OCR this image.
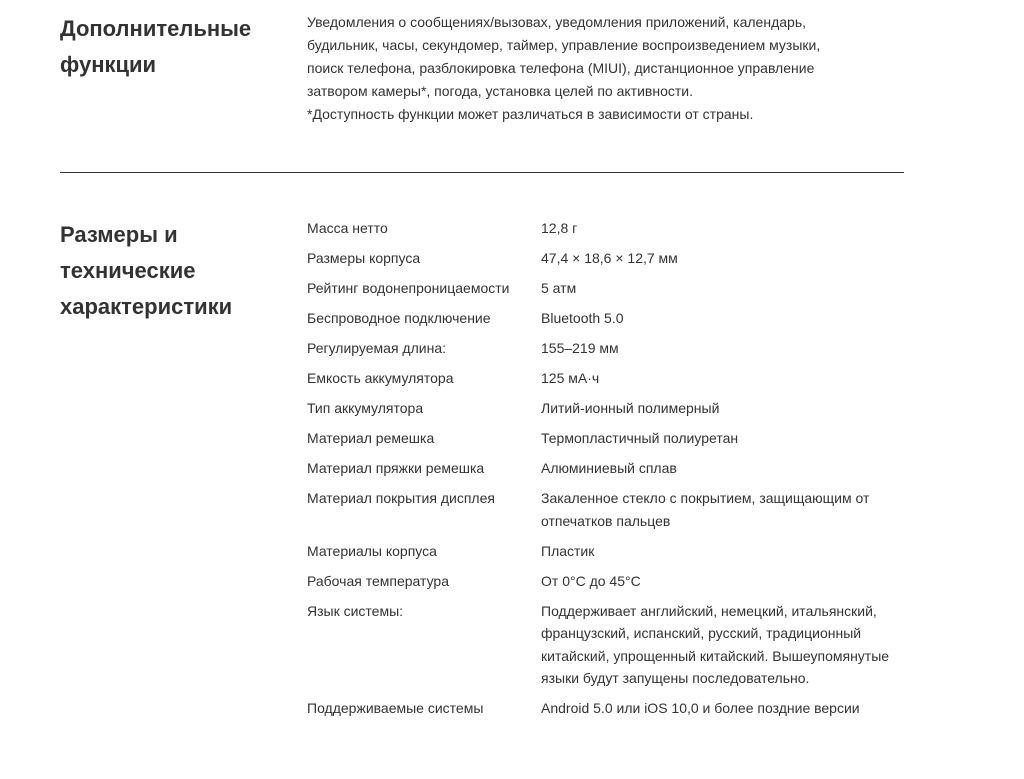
Дополнительные
функции

Уведомления о сообщениях/вызовах, уведомления приложений, календарь,

будильник, часы, секундомер, таймер, управление воспроизведением музыки,

поиск телефона, разблокировка телефона (MIUI), дистанционное управление

затвором камеры*, погода, установка целей по активности.

*Доступность функции может различаться в зависимости от страны.

Размеры и
технические
характеристики
Масса нетто	12,8 г
Размеры корпуса	47,4 × 18,6 × 12,7 мм
Рейтинг водонепроницаемости	5 атм
Беспроводное подключение	Bluetooth 5.0
Регулируемая длина:	155–219 мм
Емкость аккумулятора	125 мА·ч
Тип аккумулятора	Литий-ионный полимерный
Материал ремешка	Термопластичный полиуретан
Материал пряжки ремешка	Алюминиевый сплав
Материал покрытия дисплея	Закаленное стекло с покрытием, защищающим от отпечатков пальцев
Материалы корпуса	Пластик
Рабочая температура	От 0°C до 45°C
Язык системы:	Поддерживает английский, немецкий, итальянский, французский, испанский, русский, традиционный китайский, упрощенный китайский. Вышеупомянутые языки будут запущены последовательно.
Поддерживаемые системы	Android 5.0 или iOS 10,0 и более поздние версии
